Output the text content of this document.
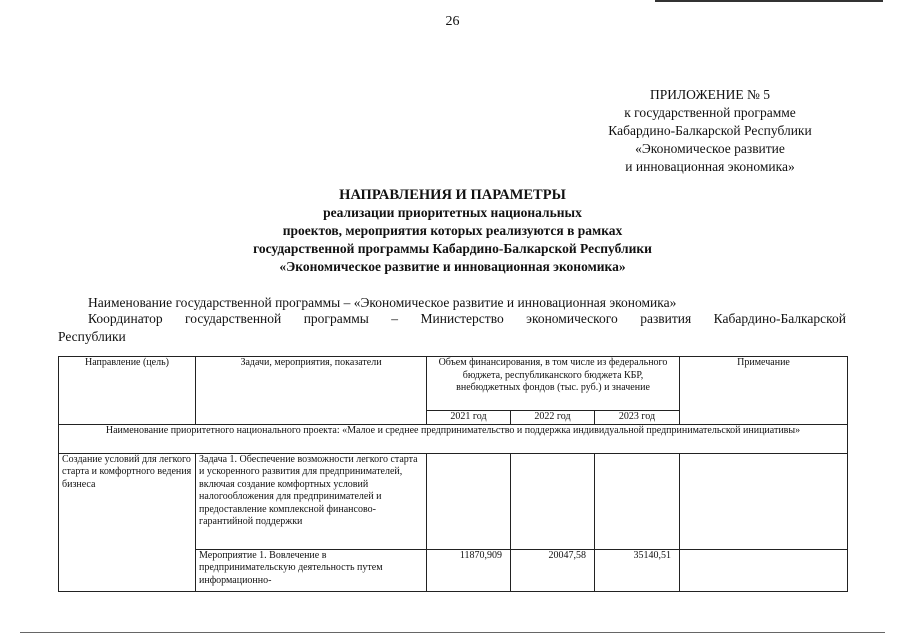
26
ПРИЛОЖЕНИЕ № 5
к государственной программе
Кабардино-Балкарской Республики
«Экономическое развитие
и инновационная экономика»
НАПРАВЛЕНИЯ И ПАРАМЕТРЫ
реализации приоритетных национальных
проектов, мероприятия которых реализуются в рамках
государственной программы Кабардино-Балкарской Республики
«Экономическое развитие и инновационная экономика»
Наименование государственной программы – «Экономическое развитие и инновационная экономика»
Координатор государственной программы – Министерство экономического развития Кабардино-Балкарской
Республики
Направление (цель)	Задачи, мероприятия, показатели	Объем финансирования, в том числе из федерального бюджета, республиканского бюджета КБР, внебюджетных фондов (тыс. руб.) и значение			Примечание
		2021 год	2022 год	2023 год	
Наименование приоритетного национального проекта: «Малое и среднее предпринимательство и поддержка индивидуальной предпринимательской инициативы»					
Создание условий для легкого старта и комфортного ведения бизнеса	Задача 1. Обеспечение возможности легкого старта и ускоренного развития для предпринимателей, включая создание комфортных условий налогообложения для предпринимателей и предоставление комплексной финансово-гарантийной поддержки				
	Мероприятие 1. Вовлечение в предпринимательскую деятельность путем информационно-	11870,909	20047,58	35140,51	
